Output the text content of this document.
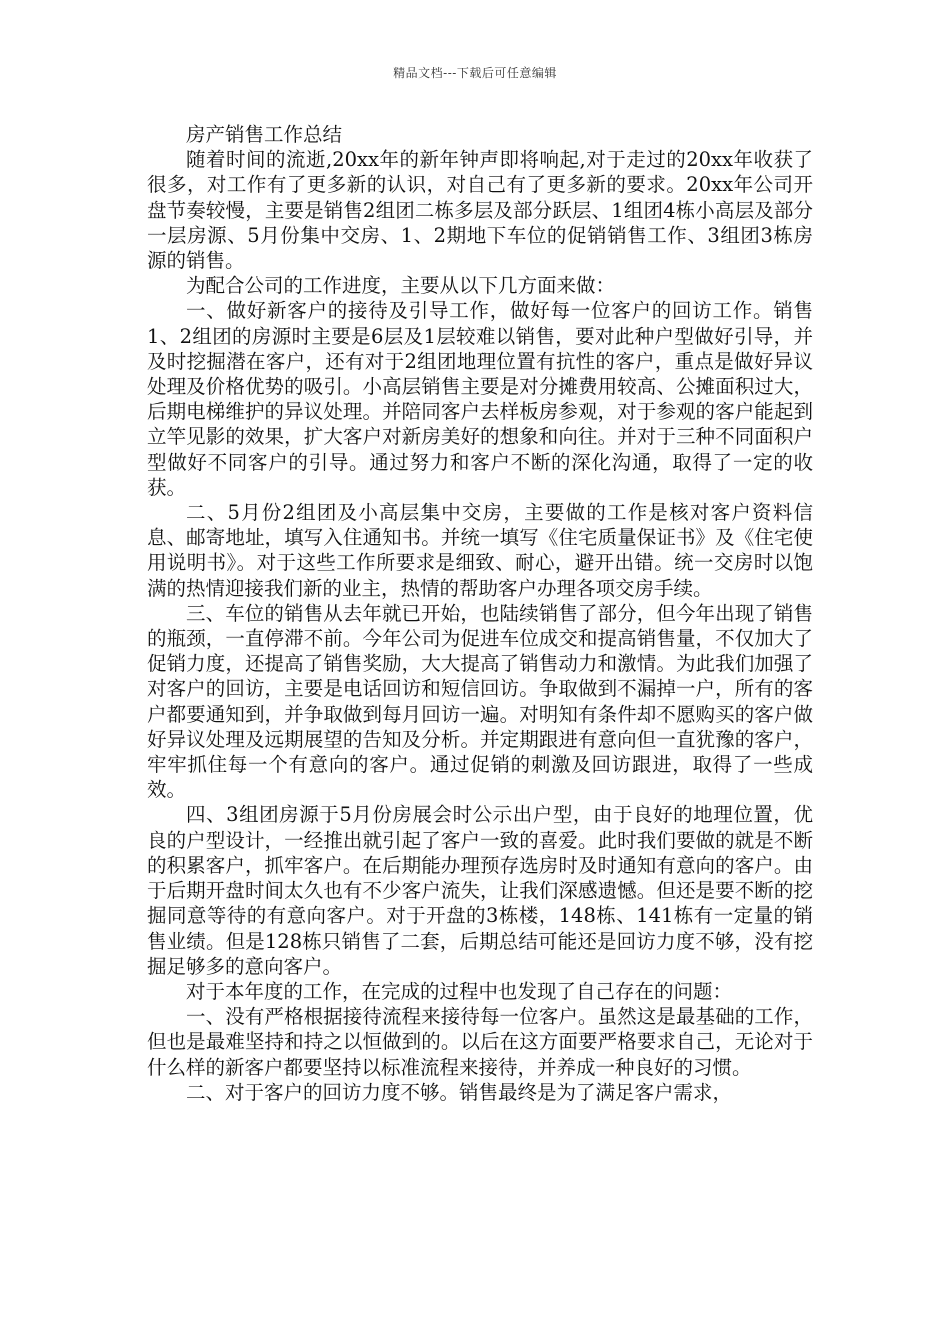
精品文档---下载后可任意编辑

房产销售工作总结

随着时间的流逝,20xx年的新年钟声即将响起,对于走过的20xx年收获了很多，对工作有了更多新的认识，对自己有了更多新的要求。20xx年公司开盘节奏较慢，主要是销售2组团二栋多层及部分跃层、1组团4栋小高层及部分一层房源、5月份集中交房、1、2期地下车位的促销销售工作、3组团3栋房源的销售。

为配合公司的工作进度，主要从以下几方面来做：

一、做好新客户的接待及引导工作，做好每一位客户的回访工作。销售1、2组团的房源时主要是6层及1层较难以销售，要对此种户型做好引导，并及时挖掘潜在客户，还有对于2组团地理位置有抗性的客户，重点是做好异议处理及价格优势的吸引。小高层销售主要是对分摊费用较高、公摊面积过大，后期电梯维护的异议处理。并陪同客户去样板房参观，对于参观的客户能起到立竿见影的效果，扩大客户对新房美好的想象和向往。并对于三种不同面积户型做好不同客户的引导。通过努力和客户不断的深化沟通，取得了一定的收获。

二、5月份2组团及小高层集中交房，主要做的工作是核对客户资料信息、邮寄地址，填写入住通知书。并统一填写《住宅质量保证书》及《住宅使用说明书》。对于这些工作所要求是细致、耐心，避开出错。统一交房时以饱满的热情迎接我们新的业主，热情的帮助客户办理各项交房手续。

三、车位的销售从去年就已开始，也陆续销售了部分，但今年出现了销售的瓶颈，一直停滞不前。今年公司为促进车位成交和提高销售量，不仅加大了促销力度，还提高了销售奖励，大大提高了销售动力和激情。为此我们加强了对客户的回访，主要是电话回访和短信回访。争取做到不漏掉一户，所有的客户都要通知到，并争取做到每月回访一遍。对明知有条件却不愿购买的客户做好异议处理及远期展望的告知及分析。并定期跟进有意向但一直犹豫的客户，牢牢抓住每一个有意向的客户。通过促销的刺激及回访跟进，取得了一些成效。

四、3组团房源于5月份房展会时公示出户型，由于良好的地理位置，优良的户型设计，一经推出就引起了客户一致的喜爱。此时我们要做的就是不断的积累客户，抓牢客户。在后期能办理预存选房时及时通知有意向的客户。由于后期开盘时间太久也有不少客户流失，让我们深感遗憾。但还是要不断的挖掘同意等待的有意向客户。对于开盘的3栋楼，148栋、141栋有一定量的销售业绩。但是128栋只销售了二套，后期总结可能还是回访力度不够，没有挖掘足够多的意向客户。

对于本年度的工作，在完成的过程中也发现了自己存在的问题：

一、没有严格根据接待流程来接待每一位客户。虽然这是最基础的工作，但也是最难坚持和持之以恒做到的。以后在这方面要严格要求自己，无论对于什么样的新客户都要坚持以标准流程来接待，并养成一种良好的习惯。

二、对于客户的回访力度不够。销售最终是为了满足客户需求，
